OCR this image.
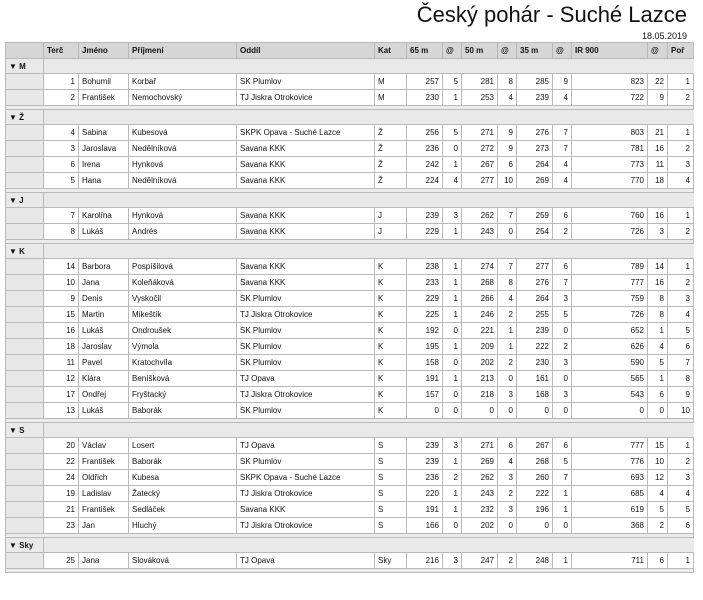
Český pohár - Suché Lazce
18.05.2019
	Terč	Jméno	Příjmení	Oddíl	Kat	65 m	@	50 m	@	35 m	@	IR 900	@	Poř
▼ M														
	1	Bohumil	Korbař	SK Plumlov	M	257	5	281	8	285	9	823	22	1
	2	František	Nemochovský	TJ Jiskra Otrokovice	M	230	1	253	4	239	4	722	9	2

▼ Ž														
	4	Sabina	Kubesová	SKPK Opava - Suché Lazce	Ž	256	5	271	9	276	7	803	21	1
	3	Jaroslava	Nedělníková	Savana KKK	Ž	236	0	272	9	273	7	781	16	2
	6	Irena	Hynková	Savana KKK	Ž	242	1	267	6	264	4	773	11	3
	5	Hana	Nedělníková	Savana KKK	Ž	224	4	277	10	269	4	770	18	4

▼ J														
	7	Karolína	Hynková	Savana KKK	J	239	3	262	7	259	6	760	16	1
	8	Lukáš	Andrés	Savana KKK	J	229	1	243	0	254	2	726	3	2

▼ K														
	14	Barbora	Pospíšilová	Savana KKK	K	238	1	274	7	277	6	789	14	1
	10	Jana	Koleňáková	Savana KKK	K	233	1	268	8	276	7	777	16	2
	9	Denis	Vyskočil	SK Plumlov	K	229	1	266	4	264	3	759	8	3
	15	Martin	Mikeštík	TJ Jiskra Otrokovice	K	225	1	246	2	255	5	726	8	4
	16	Lukáš	Ondroušek	SK Plumlov	K	192	0	221	1	239	0	652	1	5
	18	Jaroslav	Výmola	SK Plumlov	K	195	1	209	1	222	2	626	4	6
	11	Pavel	Kratochvíla	SK Plumlov	K	158	0	202	2	230	3	590	5	7
	12	Klára	Beníšková	TJ Opava	K	191	1	213	0	161	0	565	1	8
	17	Ondřej	Fryštacký	TJ Jiskra Otrokovice	K	157	0	218	3	168	3	543	6	9
	13	Lukáš	Baborák	SK Plumlov	K	0	0	0	0	0	0	0	0	10

▼ S														
	20	Václav	Losert	TJ Opava	S	239	3	271	6	267	6	777	15	1
	22	František	Baborák	SK Plumlov	S	239	1	269	4	268	5	776	10	2
	24	Oldřich	Kubesa	SKPK Opava - Suché Lazce	S	236	2	262	3	260	7	693	12	3
	19	Ladislav	Žatecký	TJ Jiskra Otrokovice	S	220	1	243	2	222	1	685	4	4
	21	František	Sedláček	Savana KKK	S	191	1	232	3	196	1	619	5	5
	23	Jan	Hluchý	TJ Jiskra Otrokovice	S	166	0	202	0	0	0	368	2	6

▼ Sky														
	25	Jana	Slováková	TJ Opava	Sky	216	3	247	2	248	1	711	6	1
